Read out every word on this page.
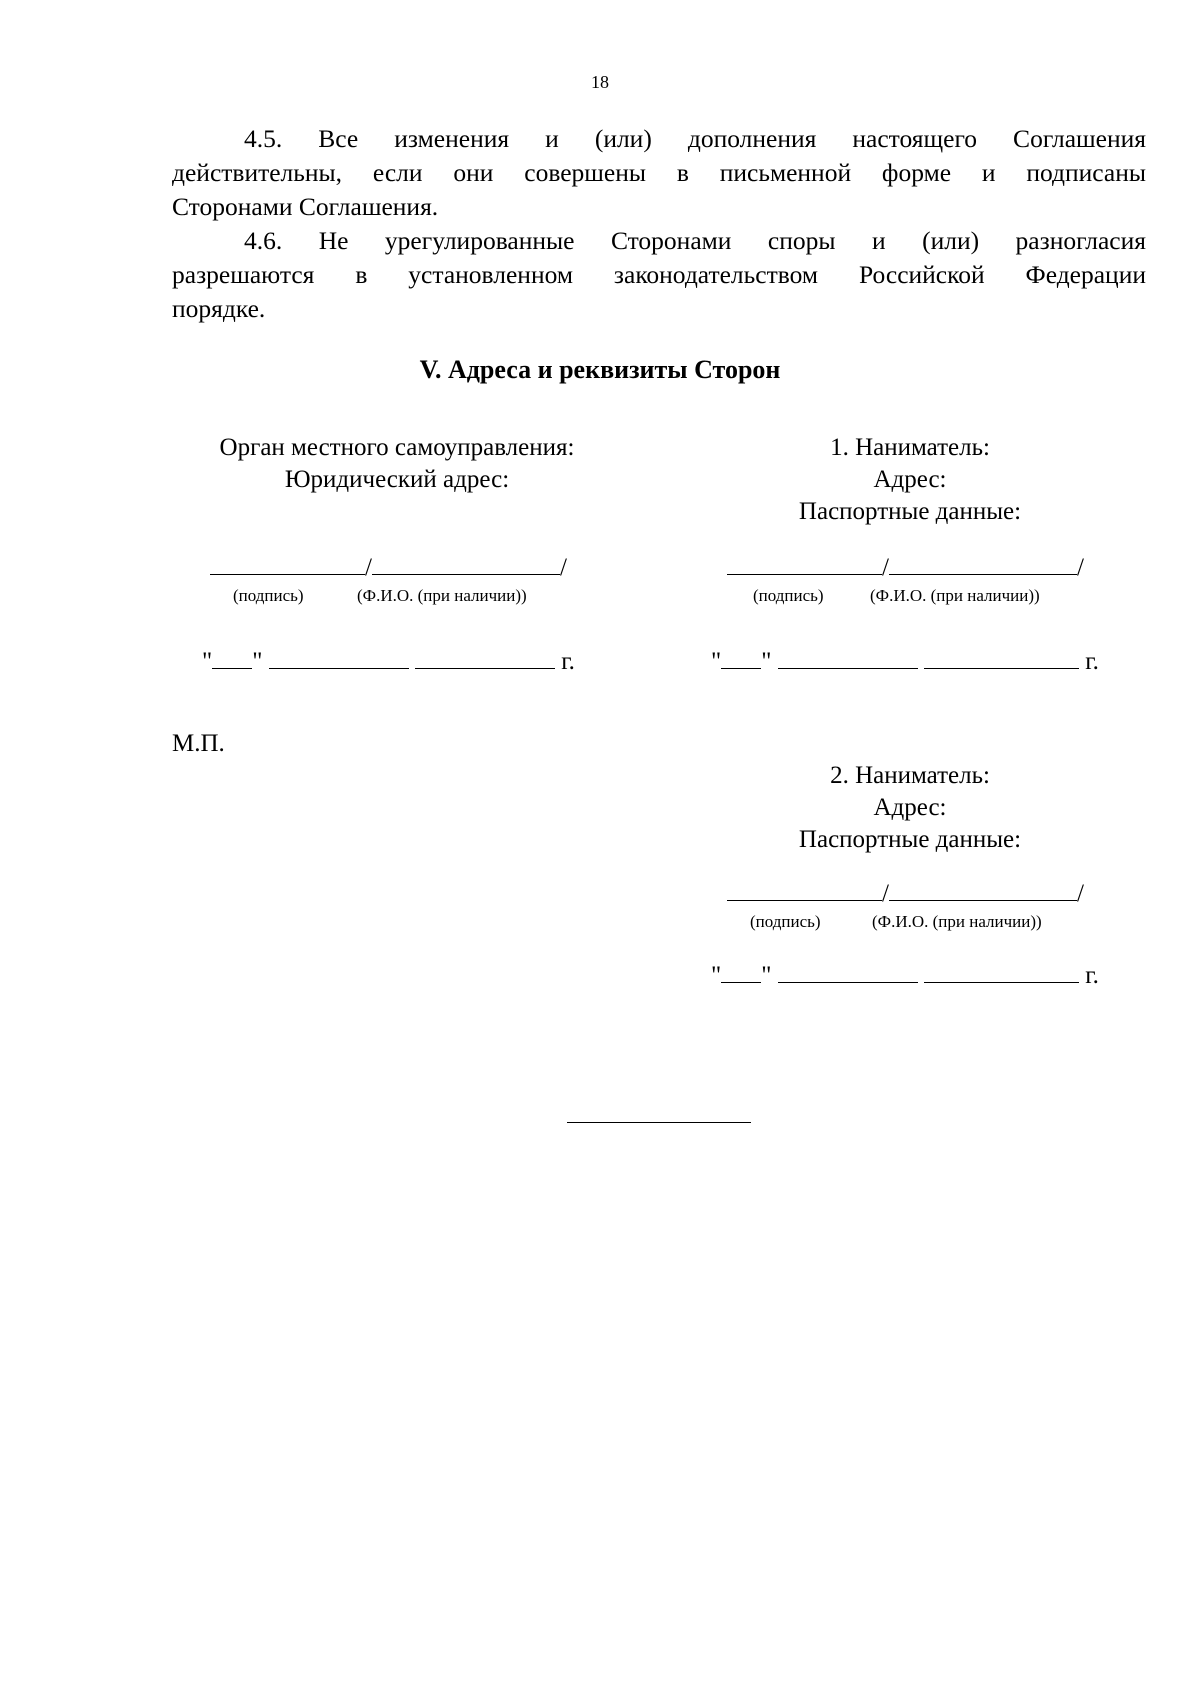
18

4.5. Все изменения и (или) дополнения настоящего Соглашения
действительны, если они совершены в письменной форме и подписаны
Сторонами Соглашения.

4.6. Не урегулированные Сторонами споры и (или) разногласия
разрешаются в установленном законодательством Российской Федерации
порядке.

V. Адреса и реквизиты Сторон
Орган местного самоуправления:
Юридический адрес:
1. Наниматель:
Адрес:
Паспортные данные:
/	/
(подпись)	(Ф.И.О. (при наличии))
" "	г.
/	/
(подпись)	(Ф.И.О. (при наличии))
" "	г.
М.П.
2. Наниматель:
Адрес:
Паспортные данные:
/	/
(подпись)	(Ф.И.О. (при наличии))
" "	г.
